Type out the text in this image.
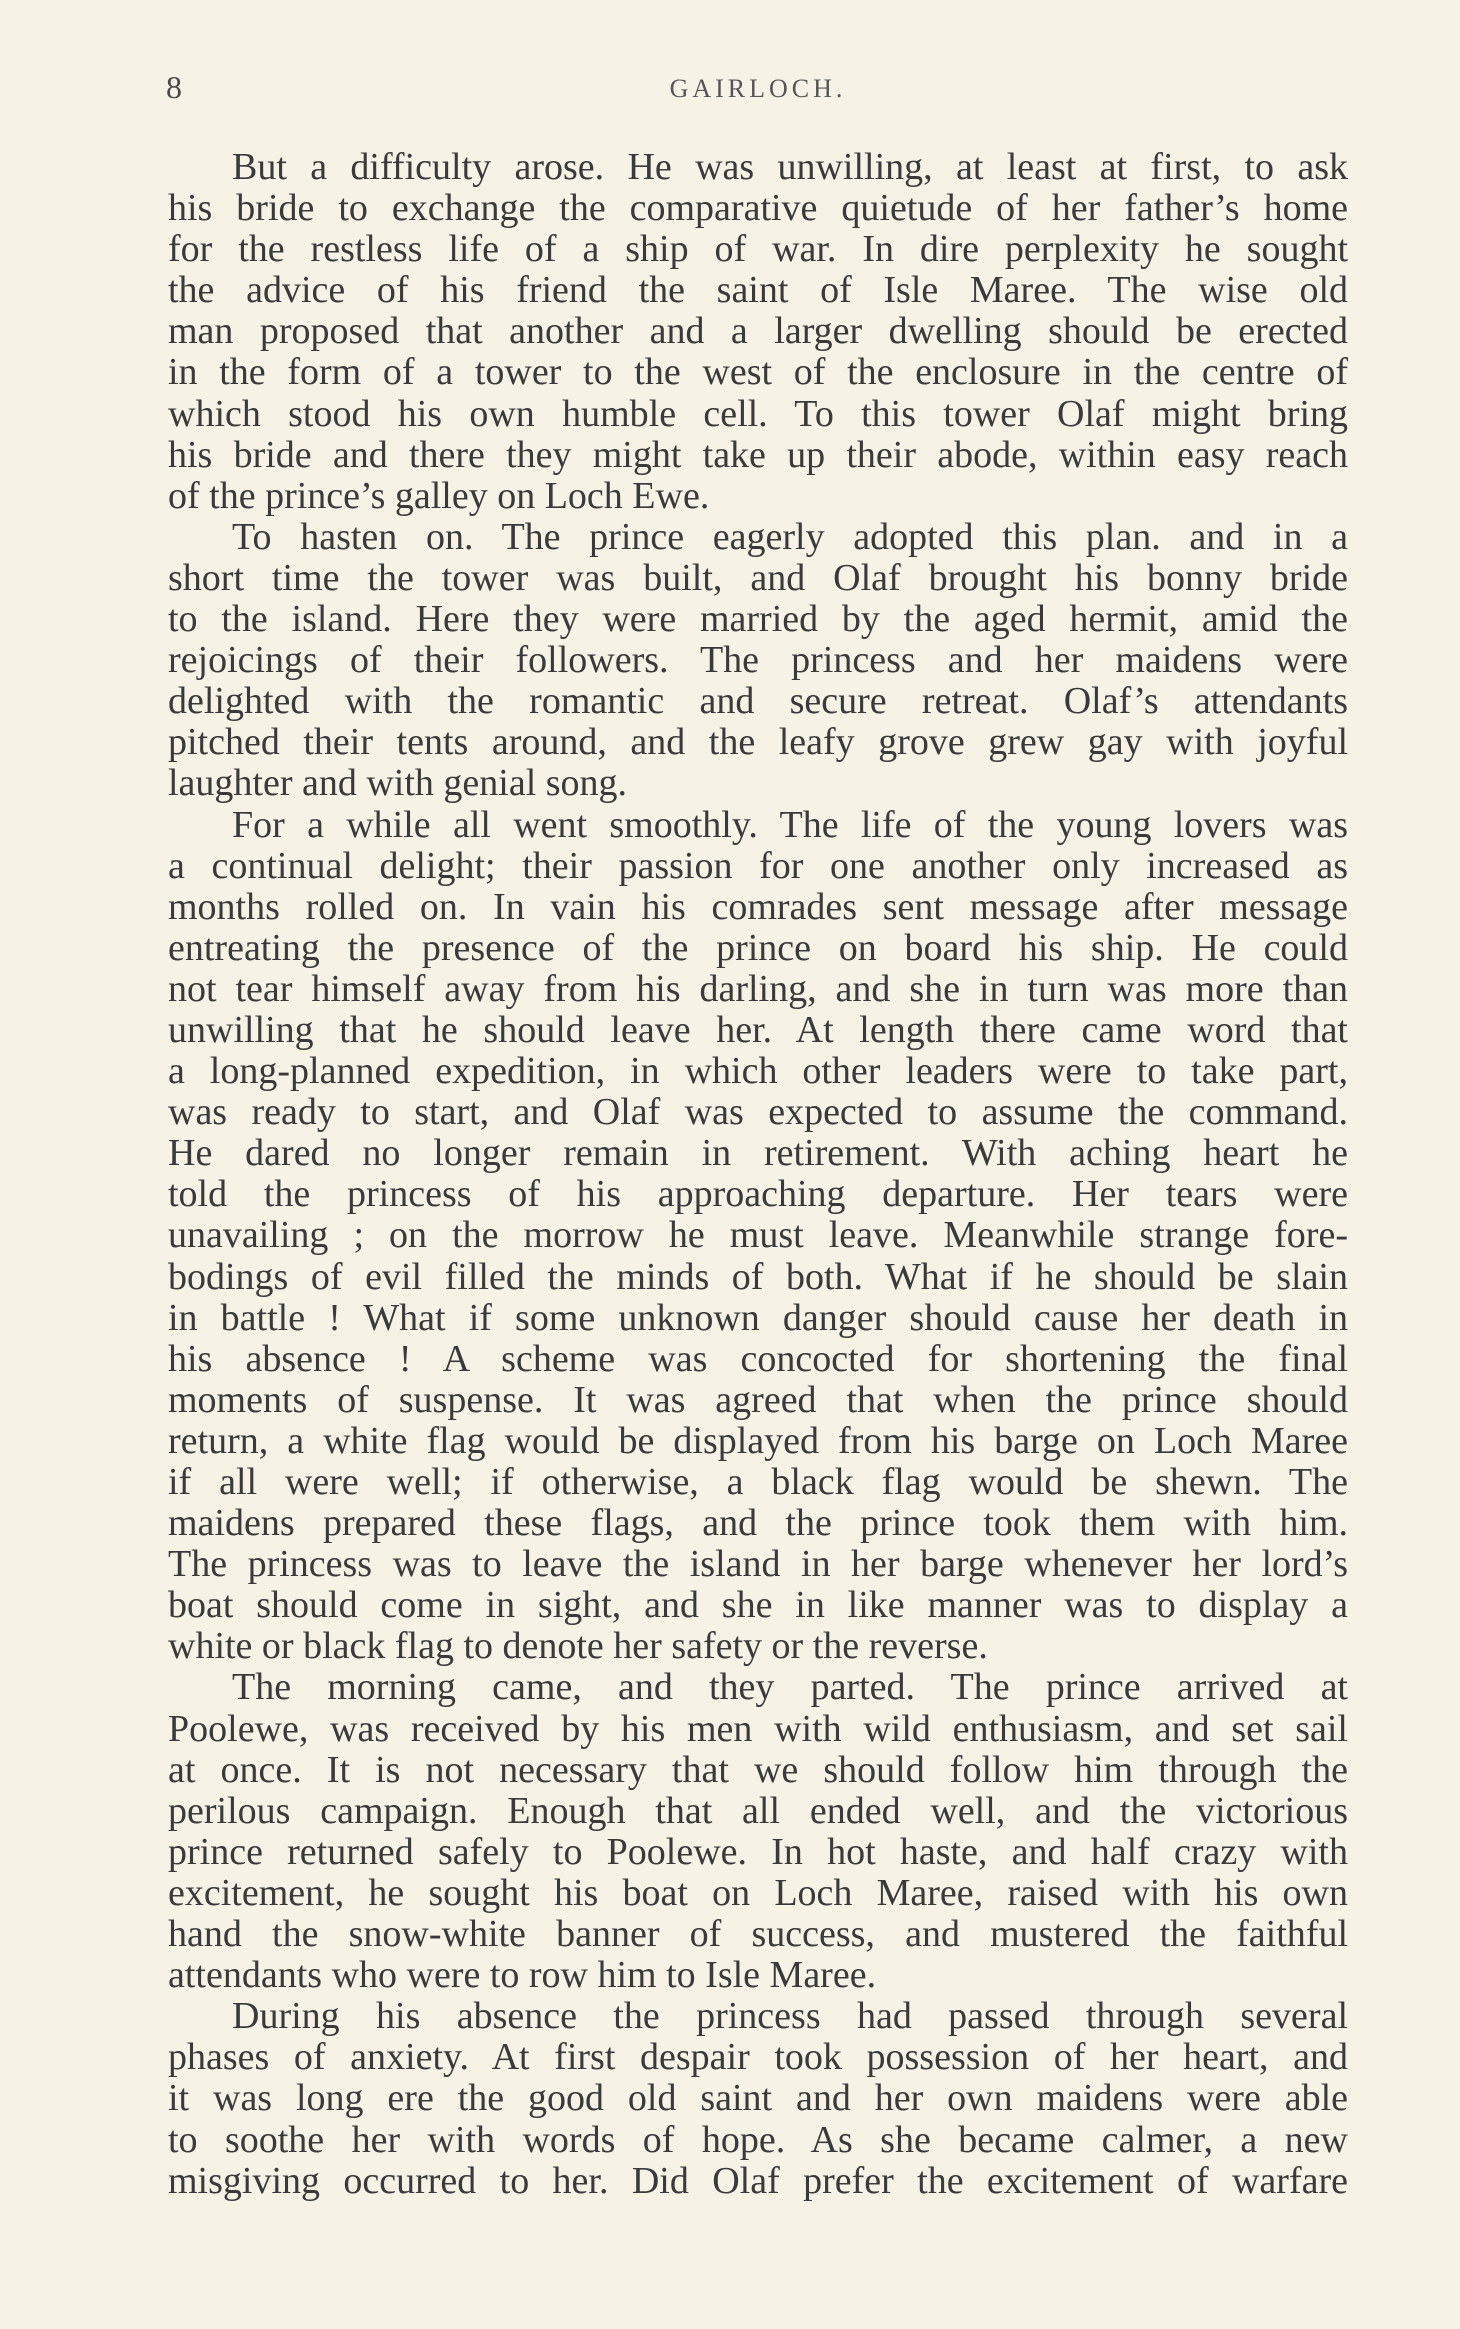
8	GAIRLOCH.
But a difficulty arose. He was unwilling, at least at first, to ask
his bride to exchange the comparative quietude of her father’s home
for the restless life of a ship of war. In dire perplexity he sought
the advice of his friend the saint of Isle Maree. The wise old
man proposed that another and a larger dwelling should be erected
in the form of a tower to the west of the enclosure in the centre of
which stood his own humble cell. To this tower Olaf might bring
his bride and there they might take up their abode, within easy reach
of the prince’s galley on Loch Ewe.
To hasten on. The prince eagerly adopted this plan. and in a
short time the tower was built, and Olaf brought his bonny bride
to the island. Here they were married by the aged hermit, amid the
rejoicings of their followers. The princess and her maidens were
delighted with the romantic and secure retreat. Olaf’s attendants
pitched their tents around, and the leafy grove grew gay with joyful
laughter and with genial song.
For a while all went smoothly. The life of the young lovers was
a continual delight; their passion for one another only increased as
months rolled on. In vain his comrades sent message after message
entreating the presence of the prince on board his ship. He could
not tear himself away from his darling, and she in turn was more than
unwilling that he should leave her. At length there came word that
a long-planned expedition, in which other leaders were to take part,
was ready to start, and Olaf was expected to assume the command.
He dared no longer remain in retirement. With aching heart he
told the princess of his approaching departure. Her tears were
unavailing ; on the morrow he must leave. Meanwhile strange fore-
bodings of evil filled the minds of both. What if he should be slain
in battle ! What if some unknown danger should cause her death in
his absence ! A scheme was concocted for shortening the final
moments of suspense. It was agreed that when the prince should
return, a white flag would be displayed from his barge on Loch Maree
if all were well; if otherwise, a black flag would be shewn. The
maidens prepared these flags, and the prince took them with him.
The princess was to leave the island in her barge whenever her lord’s
boat should come in sight, and she in like manner was to display a
white or black flag to denote her safety or the reverse.
The morning came, and they parted. The prince arrived at
Poolewe, was received by his men with wild enthusiasm, and set sail
at once. It is not necessary that we should follow him through the
perilous campaign. Enough that all ended well, and the victorious
prince returned safely to Poolewe. In hot haste, and half crazy with
excitement, he sought his boat on Loch Maree, raised with his own
hand the snow-white banner of success, and mustered the faithful
attendants who were to row him to Isle Maree.
During his absence the princess had passed through several
phases of anxiety. At first despair took possession of her heart, and
it was long ere the good old saint and her own maidens were able
to soothe her with words of hope. As she became calmer, a new
misgiving occurred to her. Did Olaf prefer the excitement of warfare
